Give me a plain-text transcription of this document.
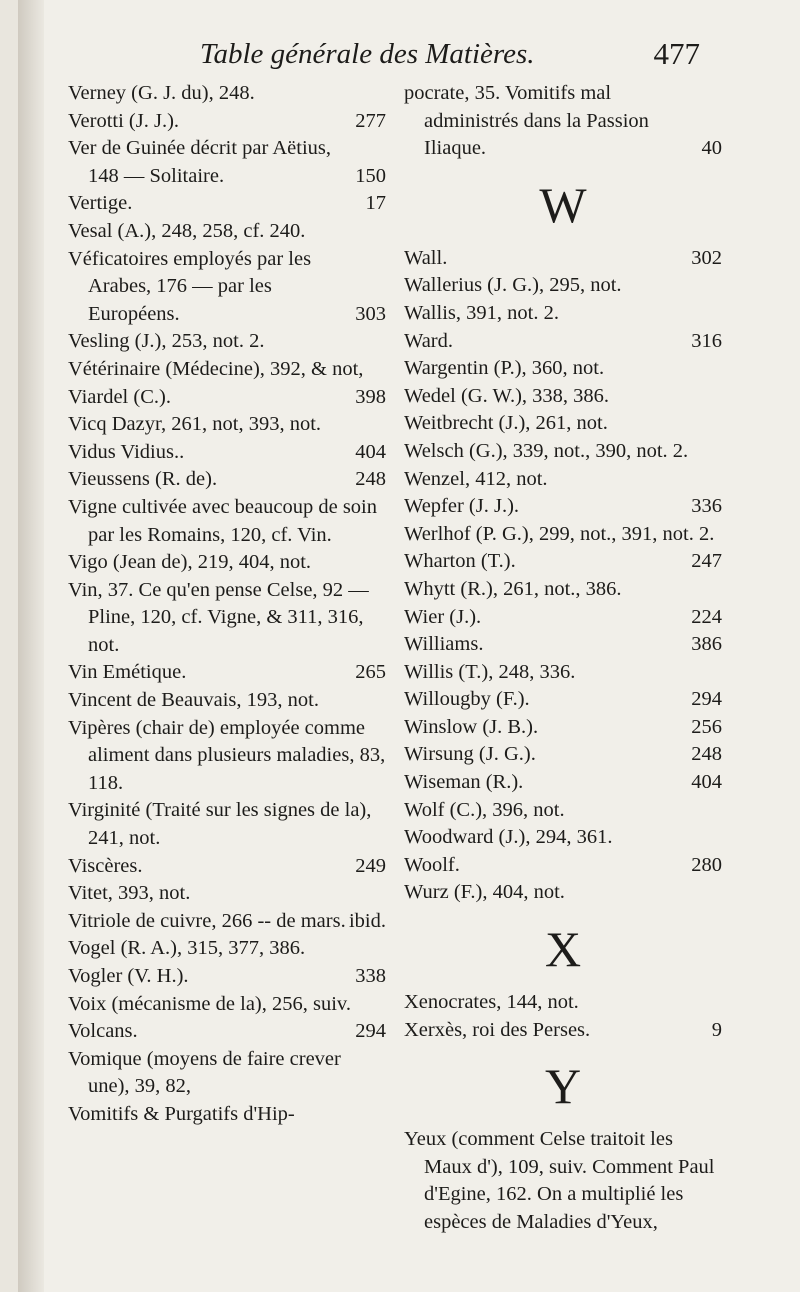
Table générale des Matières.	477
Verney (G. J. du), 248.
Verotti (J. J.).	277
Ver de Guinée décrit par Aëtius, 148 — Solitaire.	150
Vertige.	17
Vesal (A.), 248, 258, cf. 240.
Véficatoires employés par les Arabes, 176 — par les Européens.	303
Vesling (J.), 253, not. 2.
Vétérinaire (Médecine), 392, & not,
Viardel (C.).	398
Vicq Dazyr, 261, not, 393, not.
Vidus Vidius..	404
Vieussens (R. de).	248
Vigne cultivée avec beaucoup de soin par les Romains, 120, cf. Vin.
Vigo (Jean de), 219, 404, not.
Vin, 37. Ce qu'en pense Celse, 92 — Pline, 120, cf. Vigne, & 311, 316, not.
Vin Emétique.	265
Vincent de Beauvais, 193, not.
Vipères (chair de) employée comme aliment dans plusieurs maladies, 83, 118.
Virginité (Traité sur les signes de la), 241, not.
Viscères.	249
Vitet, 393, not.
Vitriole de cuivre, 266 -- de mars. ibid.
Vogel (R. A.), 315, 377, 386.
Vogler (V. H.).	338
Voix (mécanisme de la), 256, suiv.
Volcans.	294
Vomique (moyens de faire crever une), 39, 82,
Vomitifs & Purgatifs d'Hip-
pocrate, 35. Vomitifs mal administrés dans la Passion Iliaque.	40
W
Wall.	302
Wallerius (J. G.), 295, not.
Wallis, 391, not. 2.
Ward.	316
Wargentin (P.), 360, not.
Wedel (G. W.), 338, 386.
Weitbrecht (J.), 261, not.
Welsch (G.), 339, not., 390, not. 2.
Wenzel, 412, not.
Wepfer (J. J.).	336
Werlhof (P. G.), 299, not., 391, not. 2.
Wharton (T.).	247
Whytt (R.), 261, not., 386.
Wier (J.).	224
Williams.	386
Willis (T.), 248, 336.
Willougby (F.).	294
Winslow (J. B.).	256
Wirsung (J. G.).	248
Wiseman (R.).	404
Wolf (C.), 396, not.
Woodward (J.), 294, 361.
Woolf.	280
Wurz (F.), 404, not.
X
Xenocrates, 144, not.
Xerxès, roi des Perses.	9
Y
Yeux (comment Celse traitoit les Maux d'), 109, suiv. Comment Paul d'Egine, 162. On a multiplié les espèces de Maladies d'Yeux,
